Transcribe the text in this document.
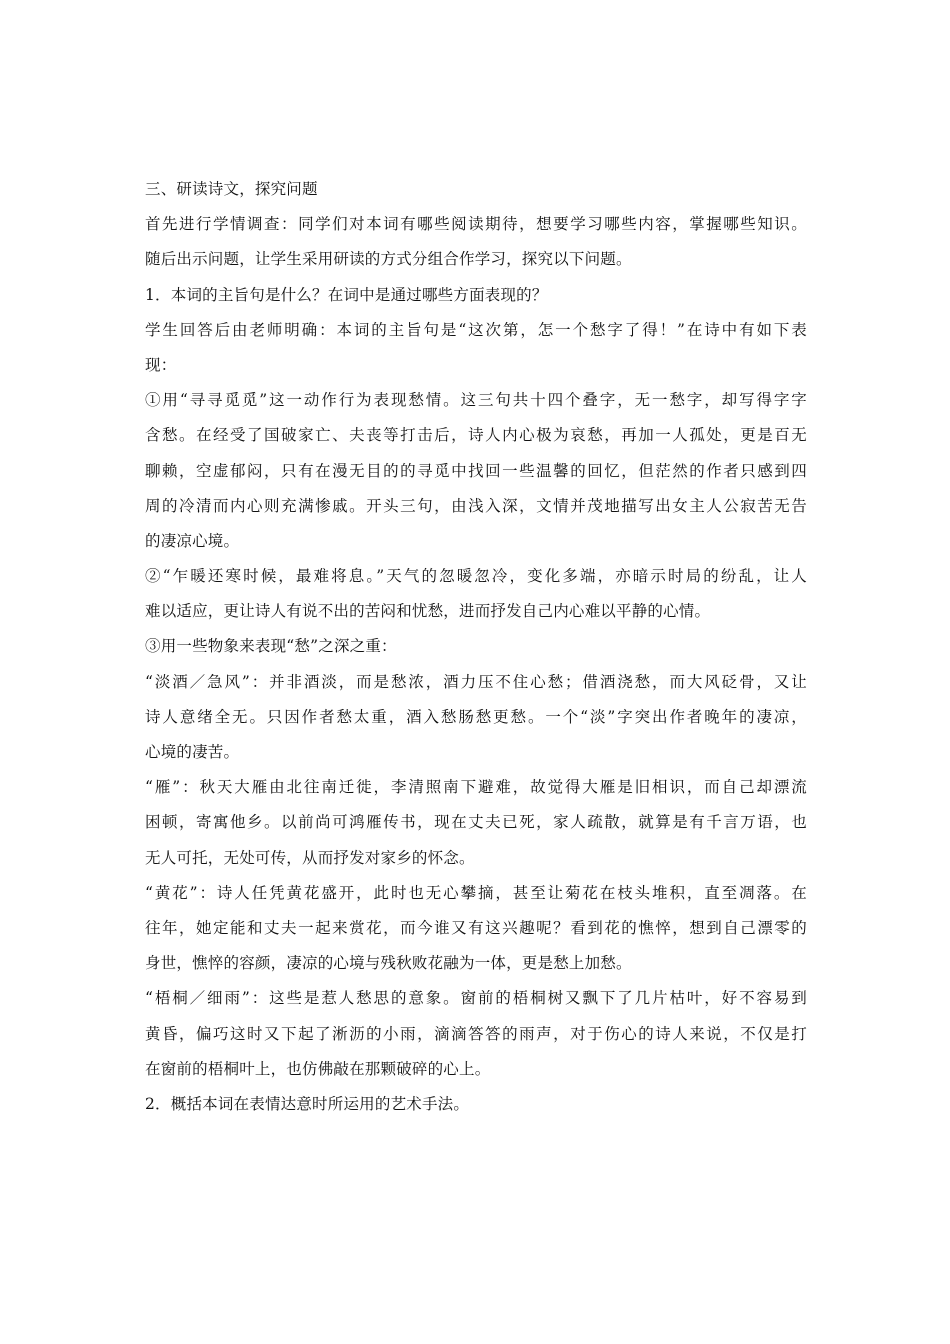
三、研读诗文，探究问题
首先进行学情调查：同学们对本词有哪些阅读期待，想要学习哪些内容，掌握哪些知识。
随后出示问题，让学生采用研读的方式分组合作学习，探究以下问题。
1．本词的主旨句是什么？在词中是通过哪些方面表现的？
学生回答后由老师明确：本词的主旨句是“这次第，怎一个愁字了得！”在诗中有如下表
现：
①用“寻寻觅觅”这一动作行为表现愁情。这三句共十四个叠字，无一愁字，却写得字字
含愁。在经受了国破家亡、夫丧等打击后，诗人内心极为哀愁，再加一人孤处，更是百无
聊赖，空虚郁闷，只有在漫无目的的寻觅中找回一些温馨的回忆，但茫然的作者只感到四
周的冷清而内心则充满惨戚。开头三句，由浅入深，文情并茂地描写出女主人公寂苦无告
的凄凉心境。
②“乍暖还寒时候，最难将息。”天气的忽暖忽冷，变化多端，亦暗示时局的纷乱，让人
难以适应，更让诗人有说不出的苦闷和忧愁，进而抒发自己内心难以平静的心情。
③用一些物象来表现“愁”之深之重：
“淡酒／急风”：并非酒淡，而是愁浓，酒力压不住心愁；借酒浇愁，而大风砭骨，又让
诗人意绪全无。只因作者愁太重，酒入愁肠愁更愁。一个“淡”字突出作者晚年的凄凉，
心境的凄苦。
“雁”：秋天大雁由北往南迁徙，李清照南下避难，故觉得大雁是旧相识，而自己却漂流
困顿，寄寓他乡。以前尚可鸿雁传书，现在丈夫已死，家人疏散，就算是有千言万语，也
无人可托，无处可传，从而抒发对家乡的怀念。
“黄花”：诗人任凭黄花盛开，此时也无心攀摘，甚至让菊花在枝头堆积，直至凋落。在
往年，她定能和丈夫一起来赏花，而今谁又有这兴趣呢？看到花的憔悴，想到自己漂零的
身世，憔悴的容颜，凄凉的心境与残秋败花融为一体，更是愁上加愁。
“梧桐／细雨”：这些是惹人愁思的意象。窗前的梧桐树又飘下了几片枯叶，好不容易到
黄昏，偏巧这时又下起了淅沥的小雨，滴滴答答的雨声，对于伤心的诗人来说，不仅是打
在窗前的梧桐叶上，也仿佛敲在那颗破碎的心上。
2．概括本词在表情达意时所运用的艺术手法。
